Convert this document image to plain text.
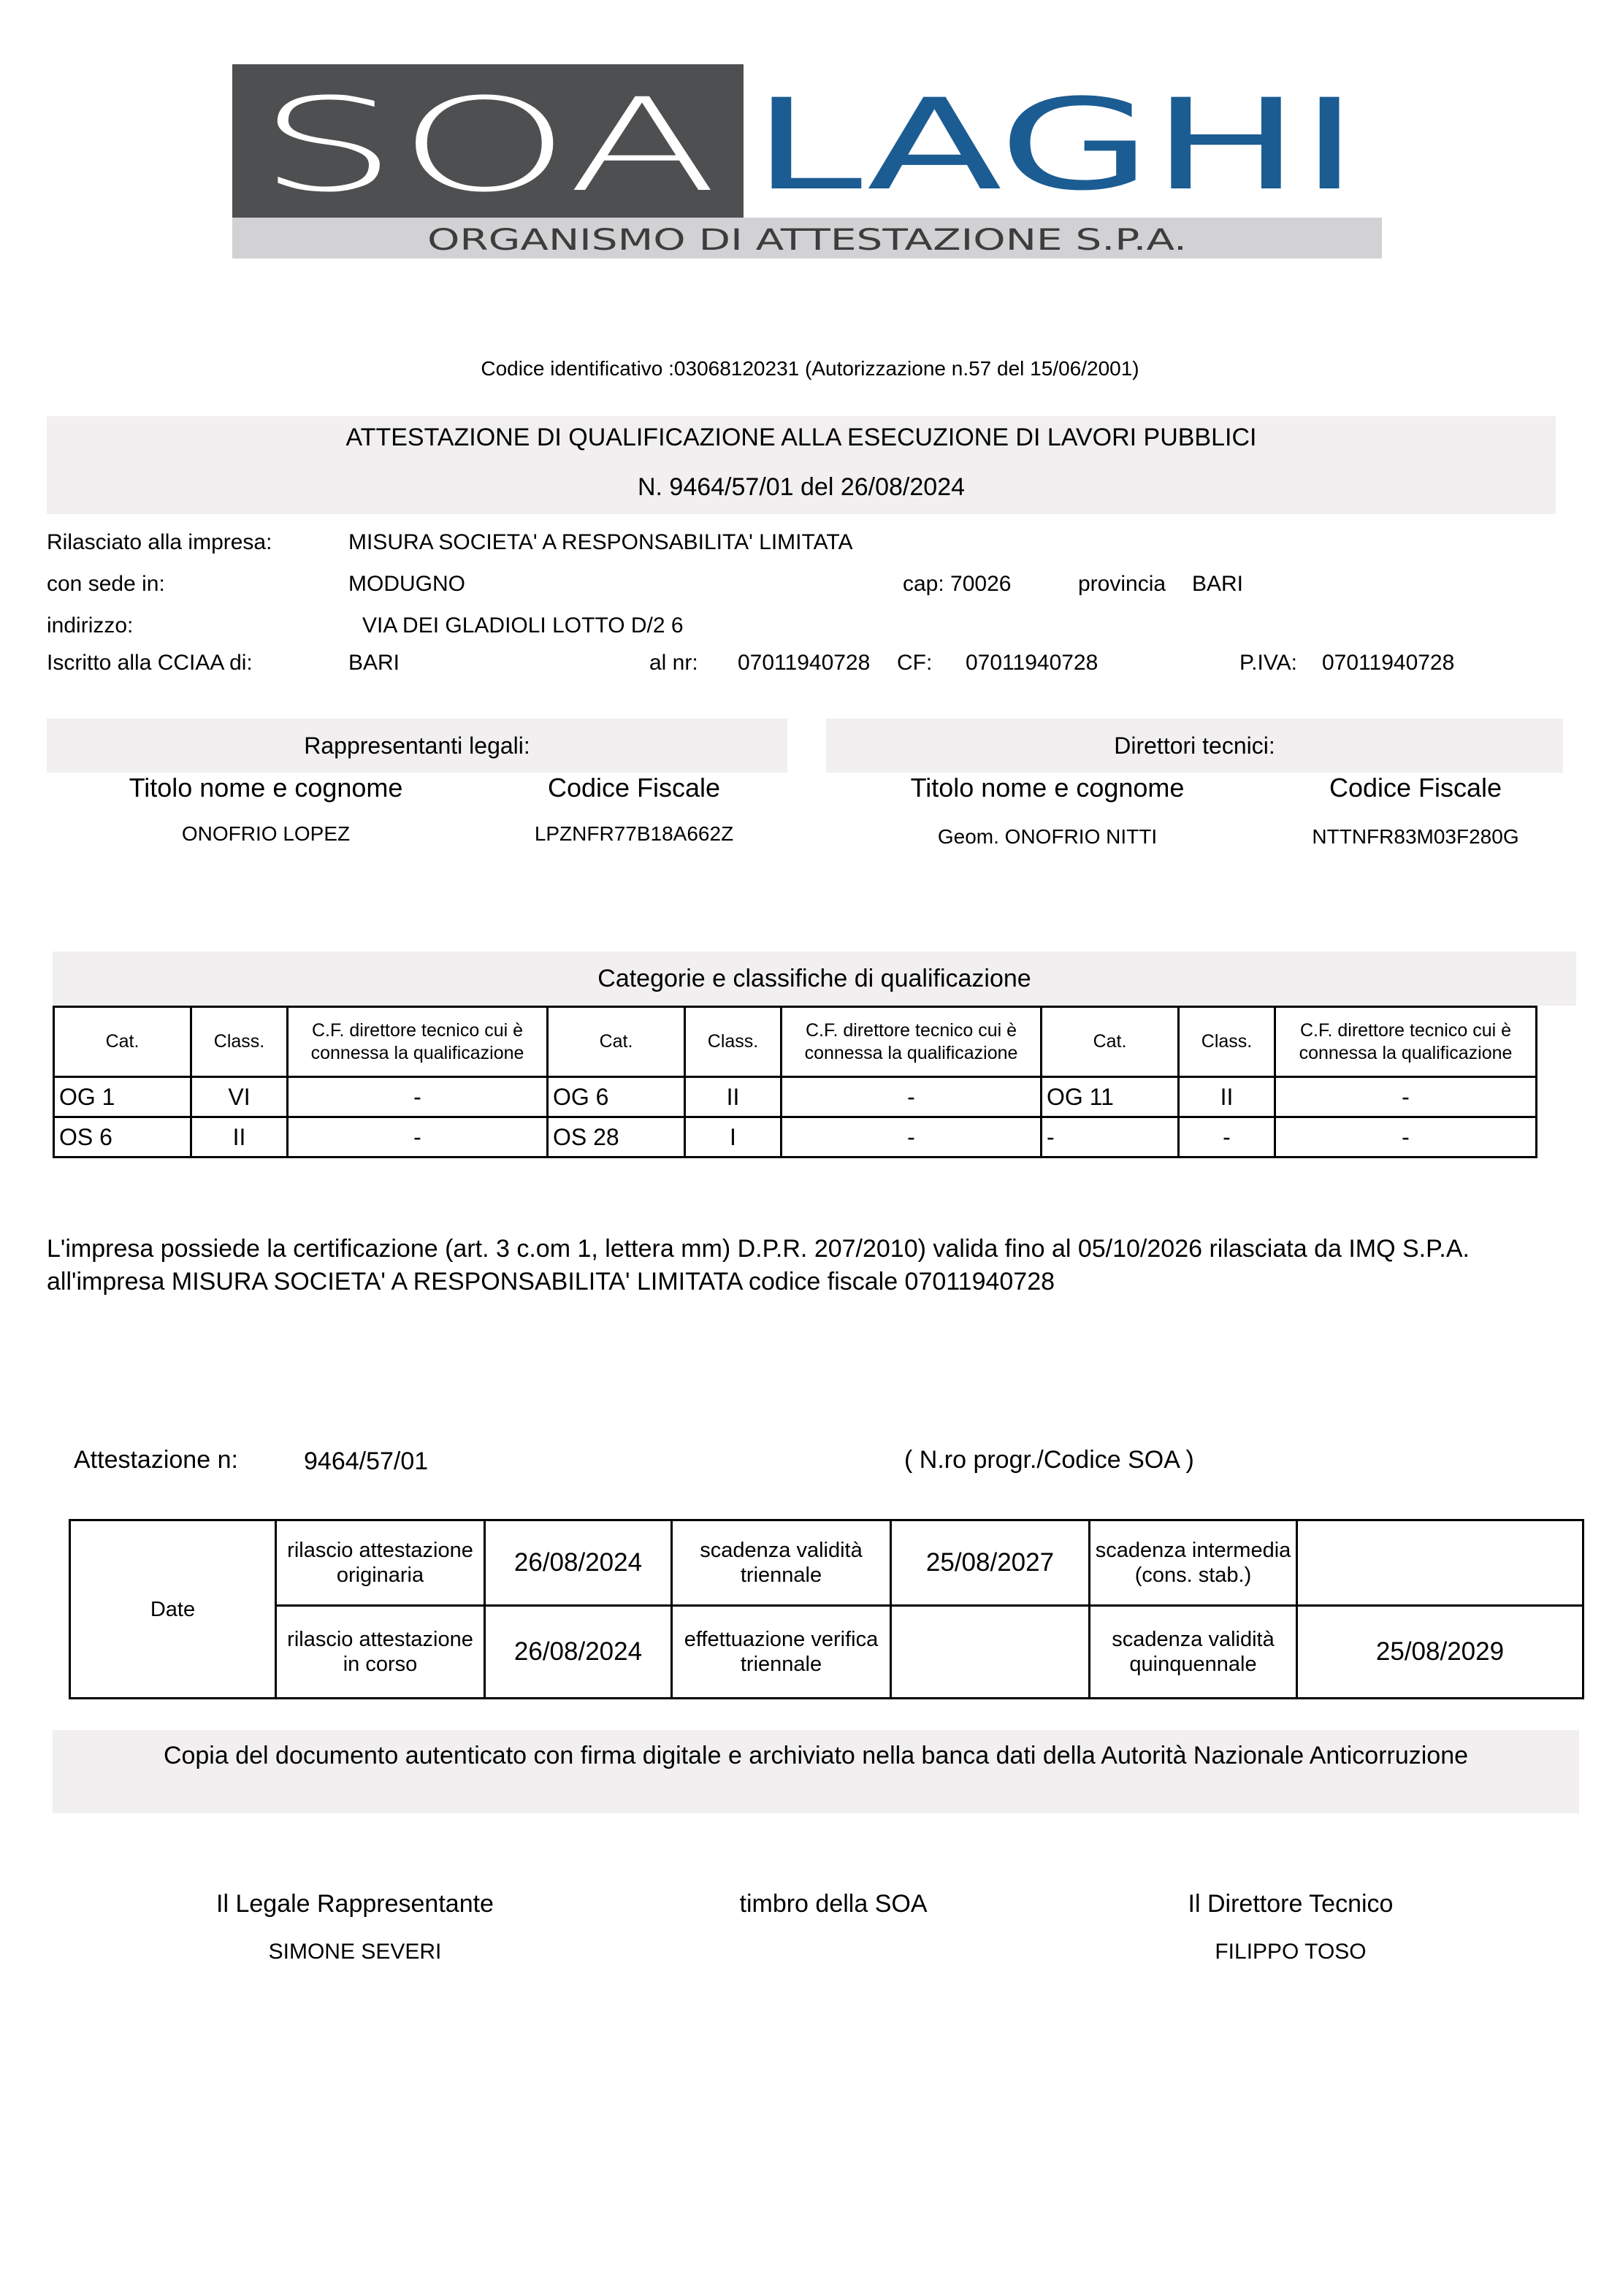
SOA LAGHI
ORGANISMO DI ATTESTAZIONE S.P.A.
Codice identificativo :03068120231 (Autorizzazione n.57 del 15/06/2001)
ATTESTAZIONE DI QUALIFICAZIONE ALLA ESECUZIONE DI LAVORI PUBBLICI
N. 9464/57/01 del 26/08/2024
Rilasciato alla impresa:	MISURA SOCIETA' A RESPONSABILITA' LIMITATA
con sede in:	MODUGNO	cap: 70026	provincia BARI
indirizzo:	VIA DEI GLADIOLI LOTTO D/2 6
Iscritto alla CCIAA di:	BARI	al nr: 07011940728 CF: 07011940728	P.IVA: 07011940728
Rappresentanti legali:
Titolo nome e cognome	Codice Fiscale
ONOFRIO LOPEZ	LPZNFR77B18A662Z
Direttori tecnici:
Titolo nome e cognome	Codice Fiscale
Geom. ONOFRIO NITTI	NTTNFR83M03F280G
Categorie e classifiche di qualificazione
Cat.	Class.	C.F. direttore tecnico cui è connessa la qualificazione	Cat.	Class.	C.F. direttore tecnico cui è connessa la qualificazione	Cat.	Class.	C.F. direttore tecnico cui è connessa la qualificazione
OG 1	VI	-	OG 6	II	-	OG 11	II	-
OS 6	II	-	OS 28	I	-	-	-	-
L'impresa possiede la certificazione (art. 3 c.om 1, lettera mm) D.P.R. 207/2010) valida fino al 05/10/2026 rilasciata da IMQ S.P.A. all'impresa MISURA SOCIETA' A RESPONSABILITA' LIMITATA codice fiscale 07011940728
Attestazione n:	9464/57/01	( N.ro progr./Codice SOA )
Date	rilascio attestazione originaria	26/08/2024	scadenza validità triennale	25/08/2027	scadenza intermedia (cons. stab.)	
	rilascio attestazione in corso	26/08/2024	effettuazione verifica triennale		scadenza validità quinquennale	25/08/2029
Copia del documento autenticato con firma digitale e archiviato nella banca dati della Autorità Nazionale Anticorruzione
Il Legale Rappresentante
SIMONE SEVERI
timbro della SOA	Il Direttore Tecnico
FILIPPO TOSO
